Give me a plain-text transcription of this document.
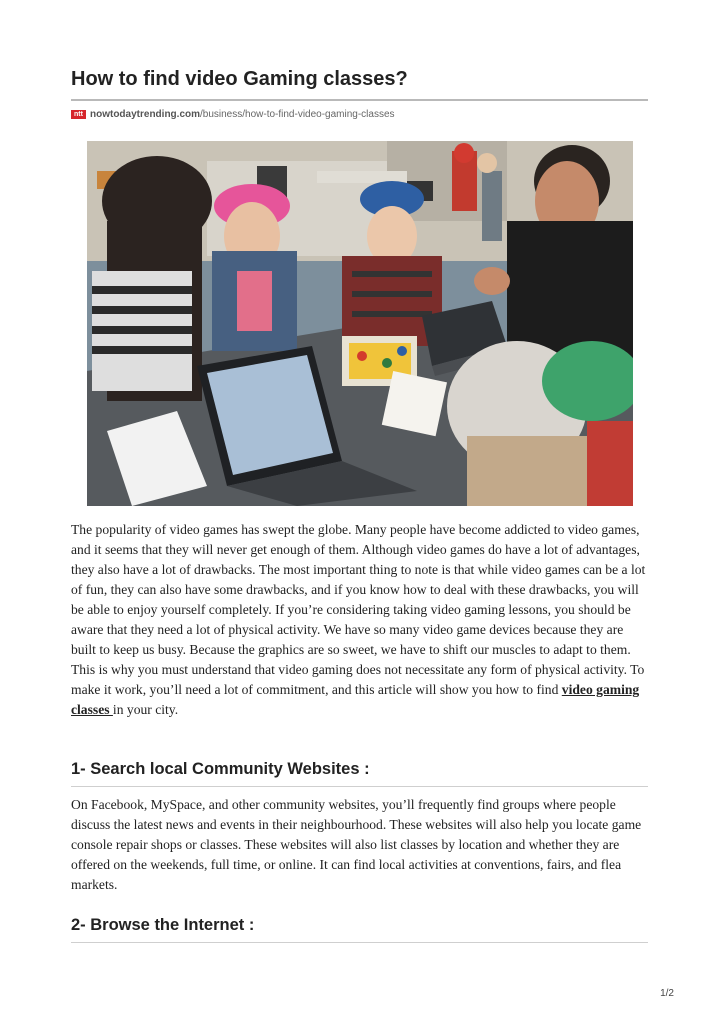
How to find video Gaming classes?
ntt nowtodaytrending.com /business/how-to-find-video-gaming-classes

The popularity of video games has swept the globe. Many people have become addicted to video games, and it seems that they will never get enough of them. Although video games do have a lot of advantages, they also have a lot of drawbacks. The most important thing to note is that while video games can be a lot of fun, they can also have some drawbacks, and if you know how to deal with these drawbacks, you will be able to enjoy yourself completely. If you’re considering taking video gaming lessons, you should be aware that they need a lot of physical activity. We have so many video game devices because they are built to keep us busy. Because the graphics are so sweet, we have to shift our muscles to adapt to them. This is why you must understand that video gaming does not necessitate any form of physical activity. To make it work, you’ll need a lot of commitment, and this article will show you how to find video gaming classes in your city.

1- Search local Community Websites :

On Facebook, MySpace, and other community websites, you’ll frequently find groups where people discuss the latest news and events in their neighbourhood. These websites will also help you locate game console repair shops or classes. These websites will also list classes by location and whether they are offered on the weekends, full time, or online. It can find local activities at conventions, fairs, and flea markets.

2- Browse the Internet :
1/2
